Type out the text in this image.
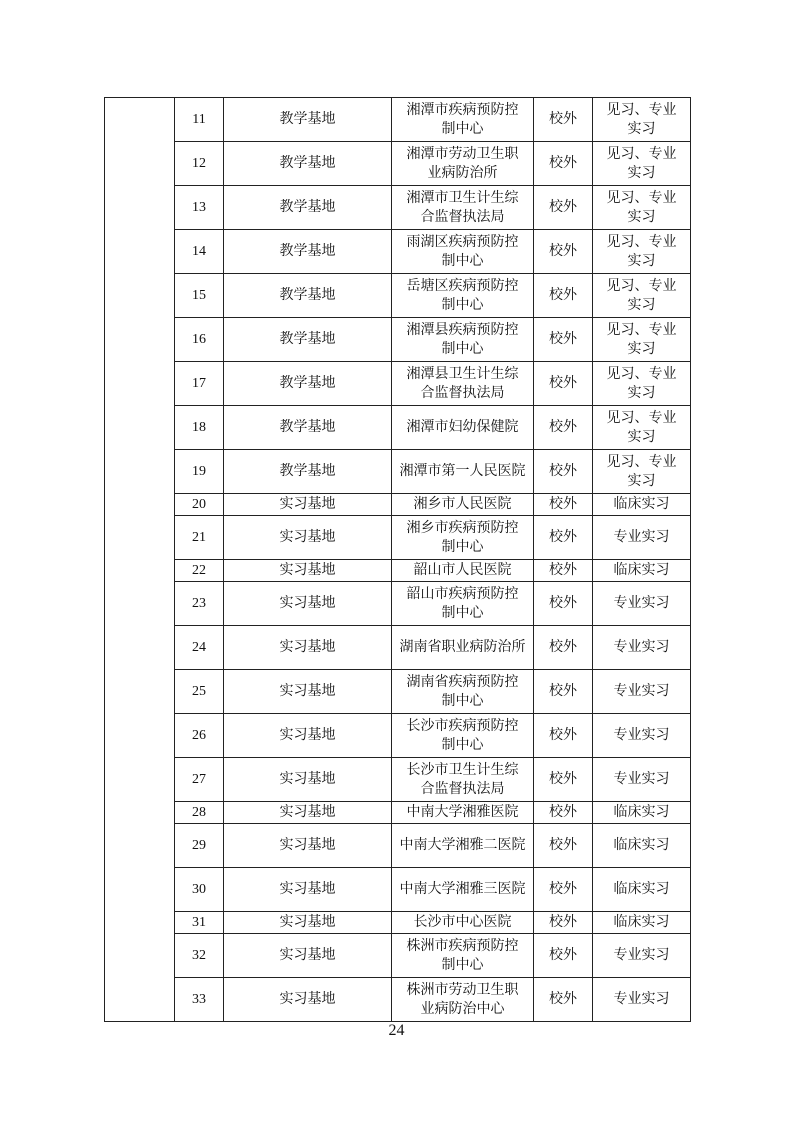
	11	教学基地	湘潭市疾病预防控
制中心	校外	见习、专业
实习

	12	教学基地	湘潭市劳动卫生职
业病防治所	校外	见习、专业
实习

	13	教学基地	湘潭市卫生计生综
合监督执法局	校外	见习、专业
实习

	14	教学基地	雨湖区疾病预防控
制中心	校外	见习、专业
实习

	15	教学基地	岳塘区疾病预防控
制中心	校外	见习、专业
实习

	16	教学基地	湘潭县疾病预防控
制中心	校外	见习、专业
实习

	17	教学基地	湘潭县卫生计生综
合监督执法局	校外	见习、专业
实习

	18	教学基地	湘潭市妇幼保健院	校外	见习、专业
实习

	19	教学基地	湘潭市第一人民医院	校外	见习、专业
实习

	20	实习基地	湘乡市人民医院	校外	临床实习

	21	实习基地	湘乡市疾病预防控
制中心	校外	专业实习

	22	实习基地	韶山市人民医院	校外	临床实习

	23	实习基地	韶山市疾病预防控
制中心	校外	专业实习

	24	实习基地	湖南省职业病防治所	校外	专业实习

	25	实习基地	湖南省疾病预防控
制中心	校外	专业实习

	26	实习基地	长沙市疾病预防控
制中心	校外	专业实习

	27	实习基地	长沙市卫生计生综
合监督执法局	校外	专业实习

	28	实习基地	中南大学湘雅医院	校外	临床实习

	29	实习基地	中南大学湘雅二医院	校外	临床实习

	30	实习基地	中南大学湘雅三医院	校外	临床实习

	31	实习基地	长沙市中心医院	校外	临床实习

	32	实习基地	株洲市疾病预防控
制中心	校外	专业实习

	33	实习基地	株洲市劳动卫生职
业病防治中心	校外	专业实习
24
